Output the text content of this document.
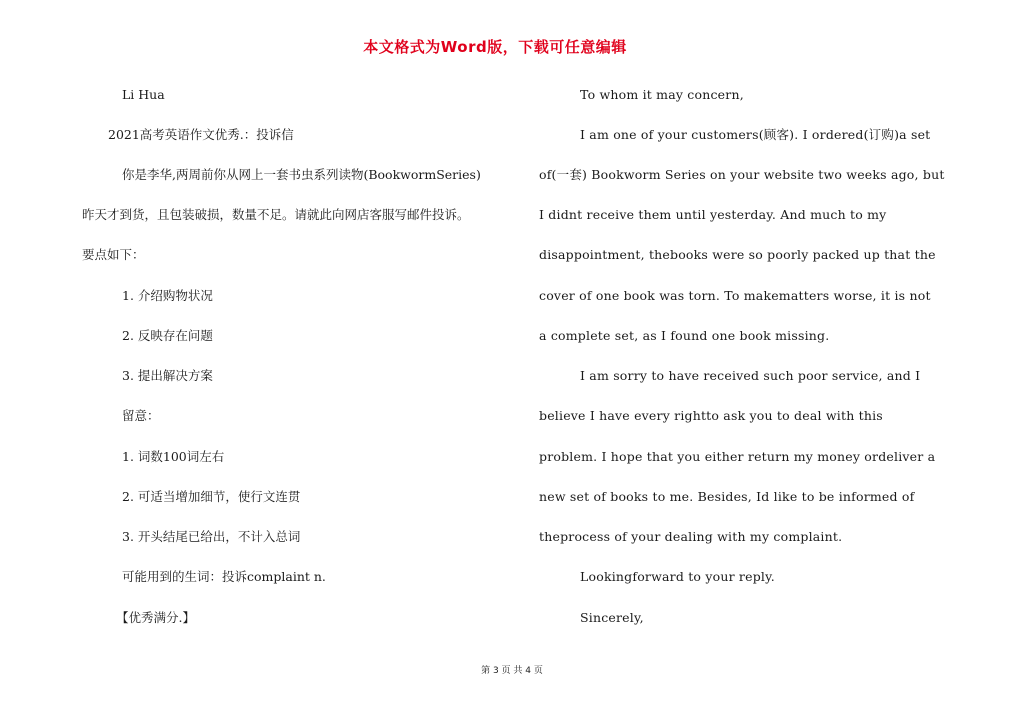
本文格式为Word版，下载可任意编辑
Li Hua
2021高考英语作文优秀.：投诉信
你是李华,两周前你从网上一套书虫系列读物(BookwormSeries)
昨天才到货，且包装破损，数量不足。请就此向网店客服写邮件投诉。
要点如下：
1. 介绍购物状况
2. 反映存在问题
3. 提出解决方案
留意：
1. 词数100词左右
2. 可适当增加细节，使行文连贯
3. 开头结尾已给出，不计入总词
可能用到的生词：投诉complaint n.
【优秀满分.】
To whom it may concern,
I am one of your customers(顾客). I ordered(订购)a set
of(一套) Bookworm Series on your website two weeks ago, but
I didnt receive them until yesterday. And much to my
disappointment, thebooks were so poorly packed up that the
cover of one book was torn. To makematters worse, it is not
a complete set, as I found one book missing.
I am sorry to have received such poor service, and I
believe I have every rightto ask you to deal with this
problem. I hope that you either return my money ordeliver a
new set of books to me. Besides, Id like to be informed of
theprocess of your dealing with my complaint.
Lookingforward to your reply.
Sincerely,
第 3 页 共 4 页
